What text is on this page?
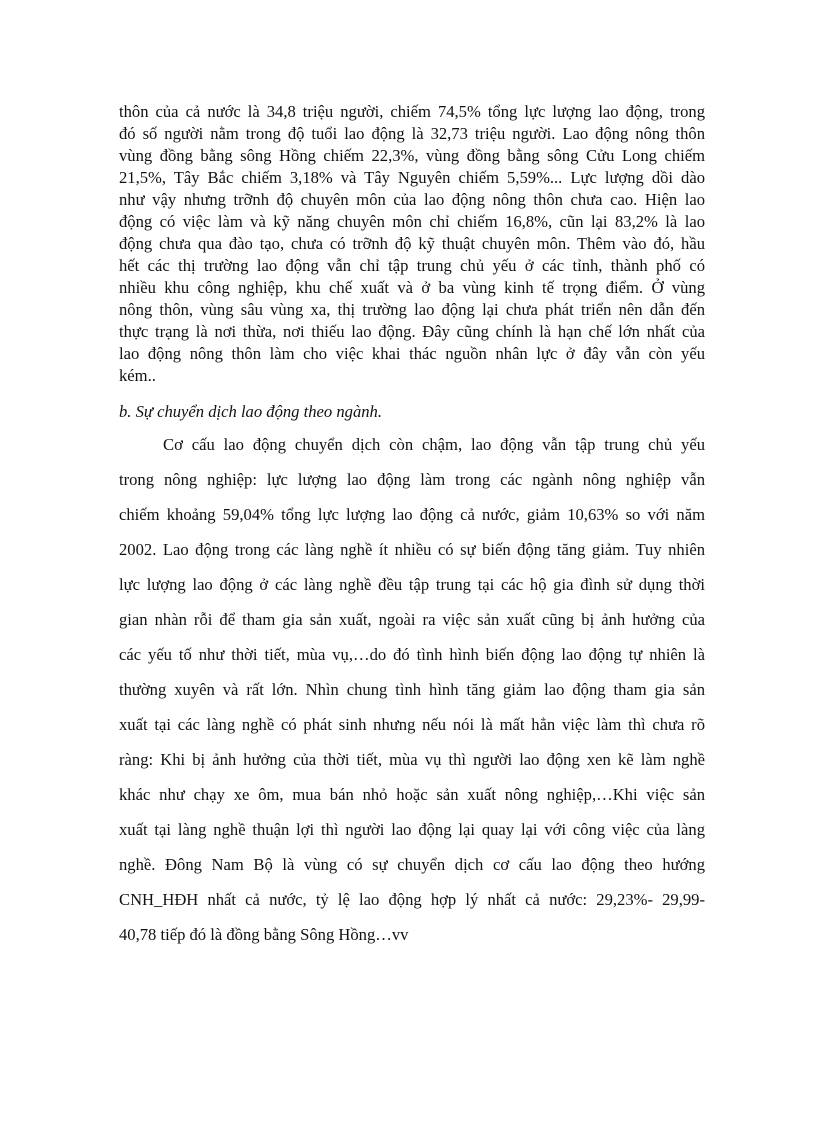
thôn của cả nước là 34,8 triệu người, chiếm 74,5% tổng lực lượng lao động, trong
đó số người nằm trong độ tuổi lao động là 32,73 triệu người. Lao động nông thôn
vùng đồng bằng sông Hồng chiếm 22,3%, vùng đồng bằng sông Cửu Long chiếm
21,5%, Tây Bắc chiếm 3,18% và Tây Nguyên chiếm 5,59%... Lực lượng dồi dào
như vậy nhưng trỡnh độ chuyên môn của lao động nông thôn chưa cao. Hiện lao
động có việc làm và kỹ năng chuyên môn chỉ chiếm 16,8%, cũn lại 83,2% là lao
động chưa qua đào tạo, chưa có trỡnh độ kỹ thuật chuyên môn. Thêm vào đó, hầu
hết các thị trường lao động vẫn chỉ tập trung chủ yếu ở các tỉnh, thành phố có
nhiều khu công nghiệp, khu chế xuất và ở ba vùng kinh tế trọng điểm. Ở vùng
nông thôn, vùng sâu vùng xa, thị trường lao động lại chưa phát triển nên dẫn đến
thực trạng là nơi thừa, nơi thiếu lao động. Đây cũng chính là hạn chế lớn nhất của
lao động nông thôn làm cho việc khai thác nguồn nhân lực ở đây vẫn còn yếu
kém..
b. Sự chuyển dịch lao động theo ngành.
Cơ cấu lao động chuyển dịch còn chậm, lao động vẫn tập trung chủ yếu
trong nông nghiệp: lực lượng lao động làm trong các ngành nông nghiệp vẫn
chiếm khoảng 59,04% tổng lực lượng lao động cả nước, giảm 10,63% so với năm
2002. Lao động trong các làng nghề ít nhiều có sự biến động tăng giảm. Tuy nhiên
lực lượng lao động ở các làng nghề đều tập trung tại các hộ gia đình sử dụng thời
gian nhàn rỗi để tham gia sản xuất, ngoài ra việc sản xuất cũng bị ảnh hưởng của
các yếu tố như thời tiết, mùa vụ,…do đó tình hình biến động lao động tự nhiên là
thường xuyên và rất lớn. Nhìn chung tình hình tăng giảm lao động tham gia sản
xuất tại các làng nghề có phát sinh nhưng nếu nói là mất hẳn việc làm thì chưa rõ
ràng: Khi bị ảnh hưởng của thời tiết, mùa vụ thì người lao động xen kẽ làm nghề
khác như chạy xe ôm, mua bán nhỏ hoặc sản xuất nông nghiệp,…Khi việc sản
xuất tại làng nghề thuận lợi thì người lao động lại quay lại với công việc của làng
nghề. Đông Nam Bộ là vùng có sự chuyển dịch cơ cấu lao động theo hướng
CNH_HĐH nhất cả nước, tỷ lệ lao động hợp lý nhất cả nước: 29,23%- 29,99-
40,78 tiếp đó là đồng bằng Sông Hồng…vv
